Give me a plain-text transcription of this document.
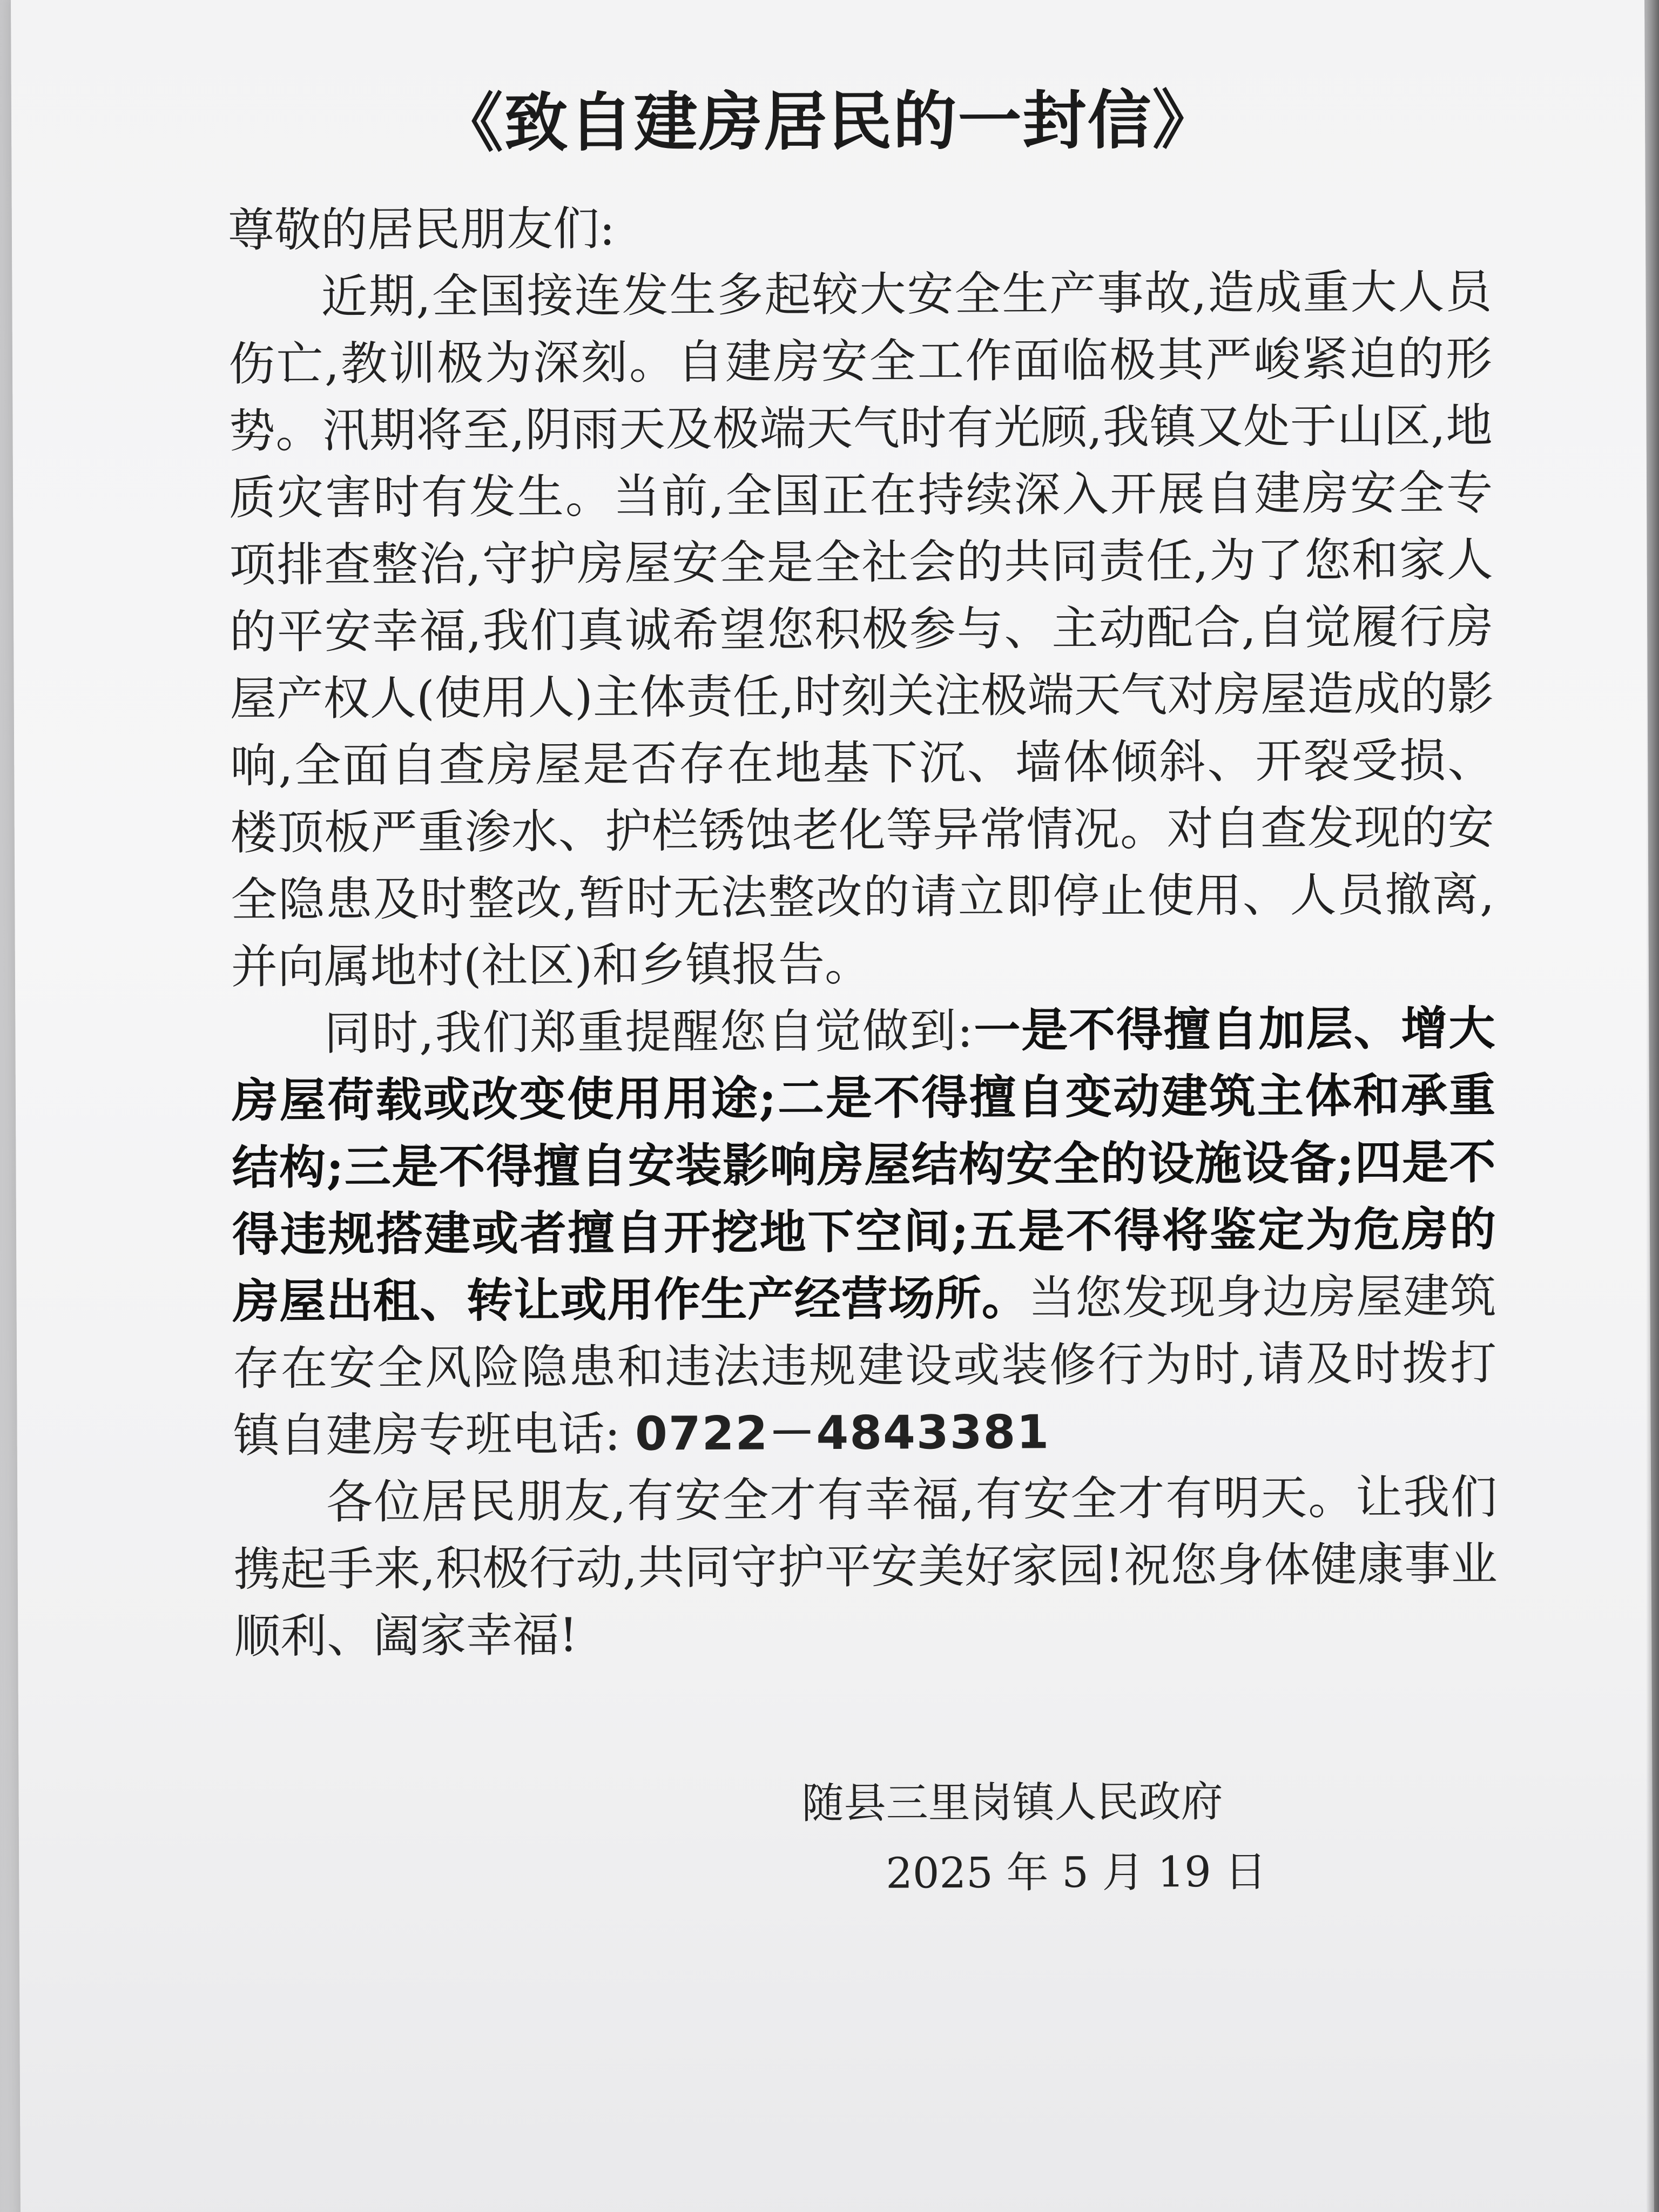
《致自建房居民的一封信》

尊敬的居民朋友们:

近期,全国接连发生多起较大安全生产事故,造成重大人员伤亡,教训极为深刻。自建房安全工作面临极其严峻紧迫的形势。汛期将至,阴雨天及极端天气时有光顾,我镇又处于山区,地质灾害时有发生。当前,全国正在持续深入开展自建房安全专项排查整治,守护房屋安全是全社会的共同责任,为了您和家人的平安幸福,我们真诚希望您积极参与、主动配合,自觉履行房屋产权人(使用人)主体责任,时刻关注极端天气对房屋造成的影响,全面自查房屋是否存在地基下沉、墙体倾斜、开裂受损、楼顶板严重渗水、护栏锈蚀老化等异常情况。对自查发现的安全隐患及时整改,暂时无法整改的请立即停止使用、人员撤离,并向属地村(社区)和乡镇报告。

同时,我们郑重提醒您自觉做到:一是不得擅自加层、增大房屋荷载或改变使用用途;二是不得擅自变动建筑主体和承重结构;三是不得擅自安装影响房屋结构安全的设施设备;四是不得违规搭建或者擅自开挖地下空间;五是不得将鉴定为危房的房屋出租、转让或用作生产经营场所。当您发现身边房屋建筑存在安全风险隐患和违法违规建设或装修行为时,请及时拨打镇自建房专班电话: 0722－4843381

各位居民朋友,有安全才有幸福,有安全才有明天。让我们携起手来,积极行动,共同守护平安美好家园!祝您身体健康事业顺利、阖家幸福!

随县三里岗镇人民政府
2025 年 5 月 19 日
